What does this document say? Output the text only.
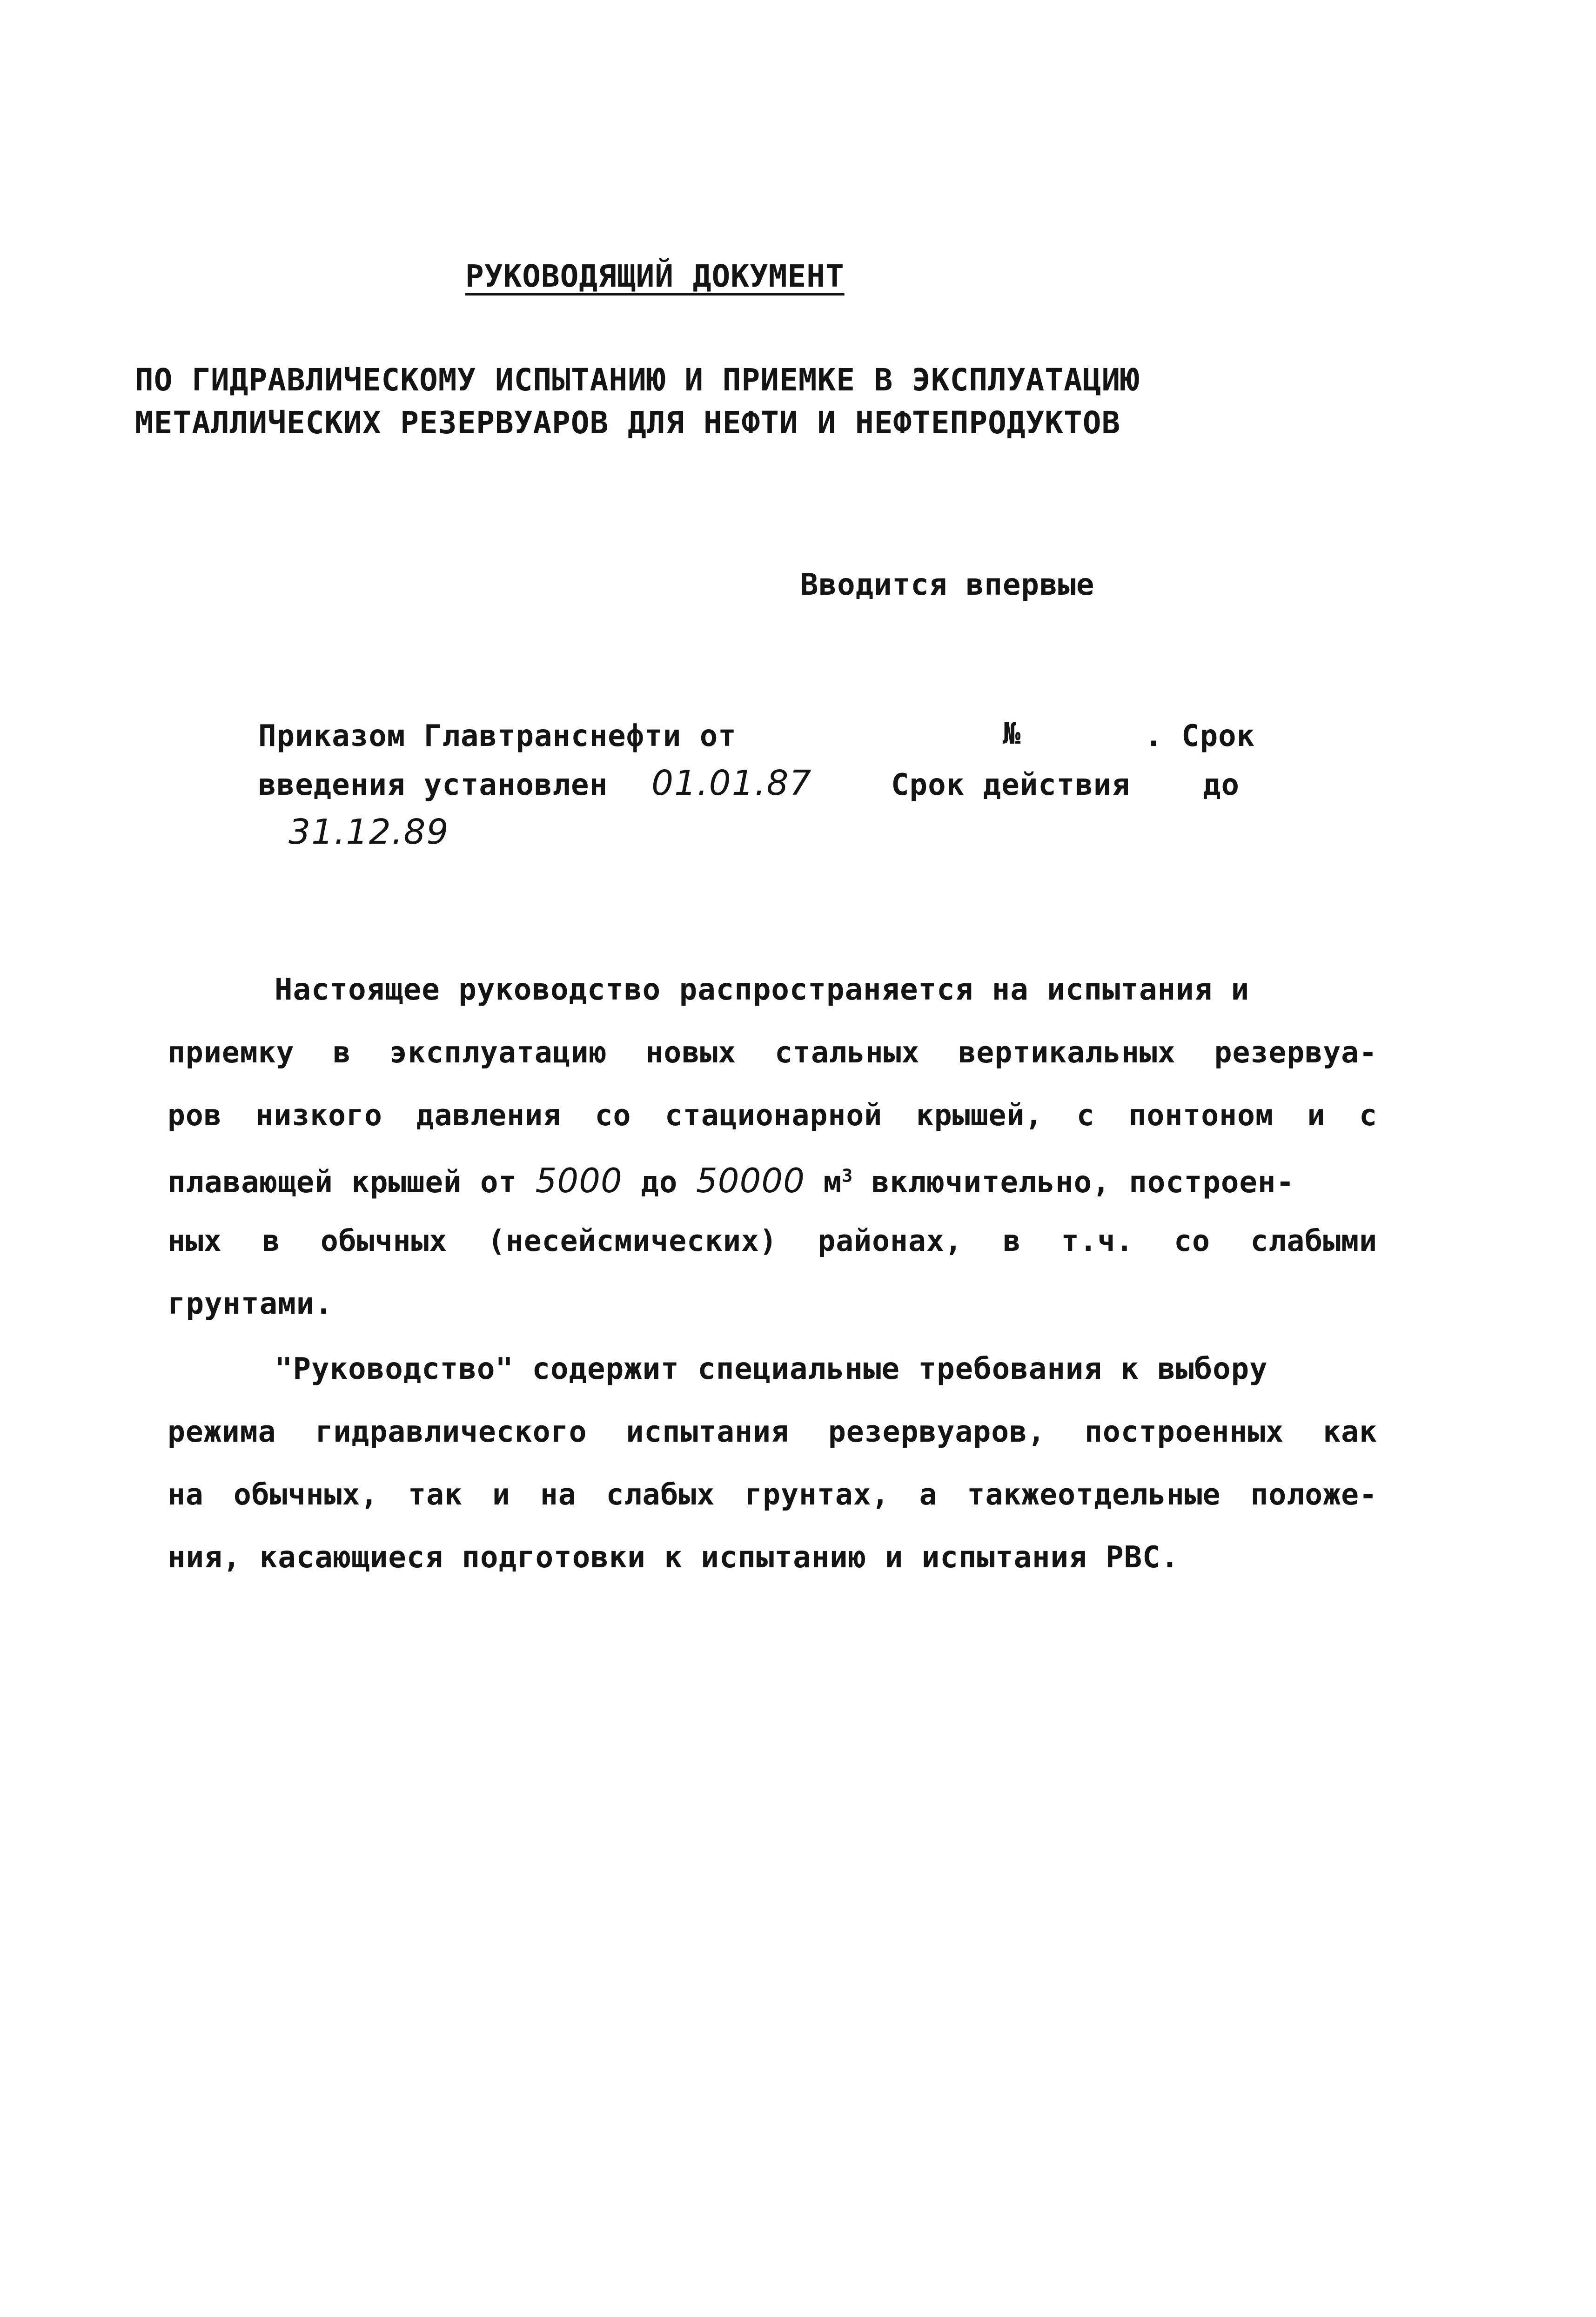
РУКОВОДЯЩИЙ ДОКУМЕНТ
ПО ГИДРАВЛИЧЕСКОМУ ИСПЫТАНИЮ И ПРИЕМКЕ В ЭКСПЛУАТАЦИЮ
МЕТАЛЛИЧЕСКИХ РЕЗЕРВУАРОВ ДЛЯ НЕФТИ И НЕФТЕПРОДУКТОВ
Вводится впервые
Приказом Главтранснефти от	№	. Срок
введения установлен 01.01.87	Срок действия до
31.12.89
Настоящее руководство распространяется на испытания и
приемку в эксплуатацию новых стальных вертикальных резервуа-
ров низкого давления со стационарной крышей, с понтоном и с
плавающей крышей от 5000 до 50000 $м^3$ включительно, построен-
ных в обычных (несейсмических) районах, в т.ч. со слабыми
грунтами.
"Руководство" содержит специальные требования к выбору
режима гидравлического испытания резервуаров, построенных как
на обычных, так и на слабых грунтах, а такжеотдельные положе-
ния, касающиеся подготовки к испытанию и испытания РВС.
